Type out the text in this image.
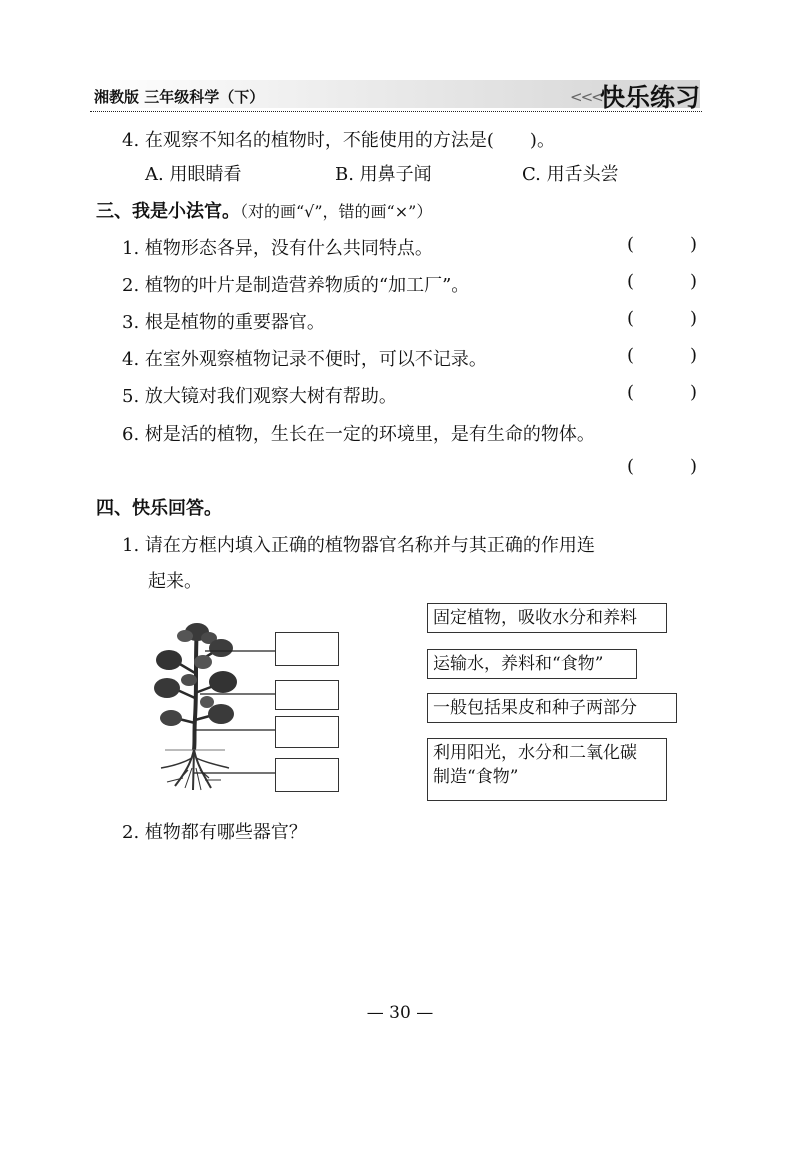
湘教版 三年级科学（下）	<<<
快乐练习
4. 在观察不知名的植物时，不能使用的方法是(　　)。
A. 用眼睛看	B. 用鼻子闻	C. 用舌头尝
三、我是小法官。（对的画“√”，错的画“×”）
1. 植物形态各异，没有什么共同特点。	(	)
2. 植物的叶片是制造营养物质的“加工厂”。	(	)
3. 根是植物的重要器官。	(	)
4. 在室外观察植物记录不便时，可以不记录。	(	)
5. 放大镜对我们观察大树有帮助。	(	)
6. 树是活的植物，生长在一定的环境里，是有生命的物体。
(	)
四、快乐回答。
1. 请在方框内填入正确的植物器官名称并与其正确的作用连
起来。
固定植物，吸收水分和养料
运输水，养料和“食物”
一般包括果皮和种子两部分
利用阳光，水分和二氧化碳
制造“食物”
2. 植物都有哪些器官？
— 30 —
